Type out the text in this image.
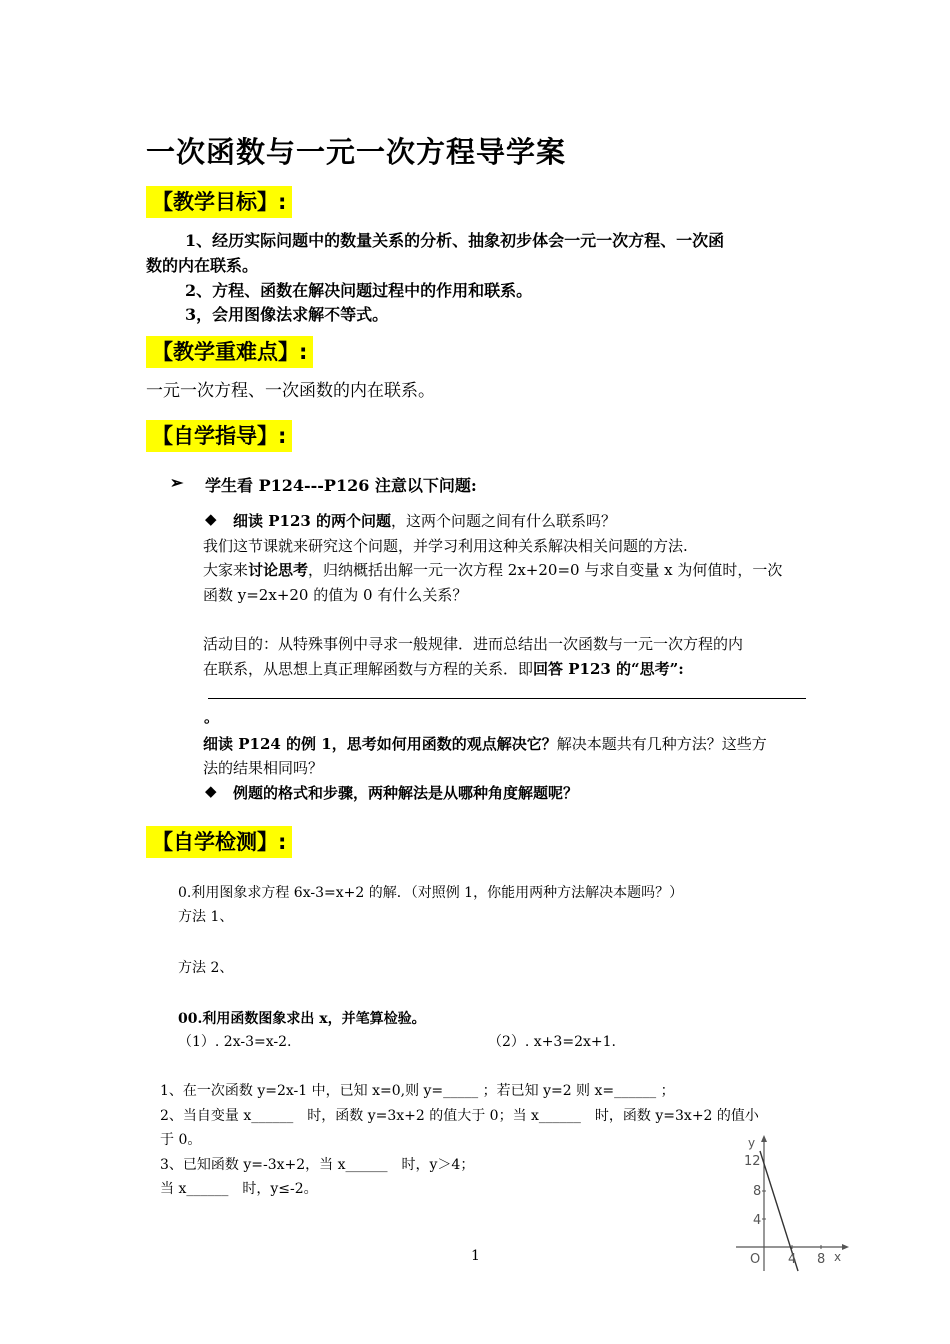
一次函数与一元一次方程导学案
【教学目标】:
1、经历实际问题中的数量关系的分析、抽象初步体会一元一次方程、一次函
数的内在联系。
2、方程、函数在解决问题过程中的作用和联系。
3，会用图像法求解不等式。
【教学重难点】:
一元一次方程、一次函数的内在联系。
【自学指导】:
➢ 学生看 P124---P126 注意以下问题:
◆ 细读 P123 的两个问题，这两个问题之间有什么联系吗？
我们这节课就来研究这个问题，并学习利用这种关系解决相关问题的方法.
大家来讨论思考，归纳概括出解一元一次方程 2x+20=0 与求自变量 x 为何值时，一次
函数 y=2x+20 的值为 0 有什么关系？
活动目的：从特殊事例中寻求一般规律．进而总结出一次函数与一元一次方程的内
在联系，从思想上真正理解函数与方程的关系．即回答 P123 的“思考”:
。
细读 P124 的例 1，思考如何用函数的观点解决它？解决本题共有几种方法？这些方
法的结果相同吗？
◆ 例题的格式和步骤，两种解法是从哪种角度解题呢？
【自学检测】:
0.利用图象求方程 6x-3=x+2 的解．（对照例 1，你能用两种方法解决本题吗？）
方法 1、
方法 2、
00.利用函数图象求出 x，并笔算检验。
（1）. 2x-3=x-2.	（2）. x+3=2x+1.
1、在一次函数 y=2x-1 中，已知 x=0,则 y=_____ ；若已知 y=2 则 x=______ ；
2、当自变量 x______　时，函数 y=3x+2 的值大于 0；当 x______　时，函数 y=3x+2 的值小
于 0。
3、已知函数 y=-3x+2，当 x______　时，y＞4；
当 x______　时，y≤-2。
y
x
O
12
8
4
4 8
1
